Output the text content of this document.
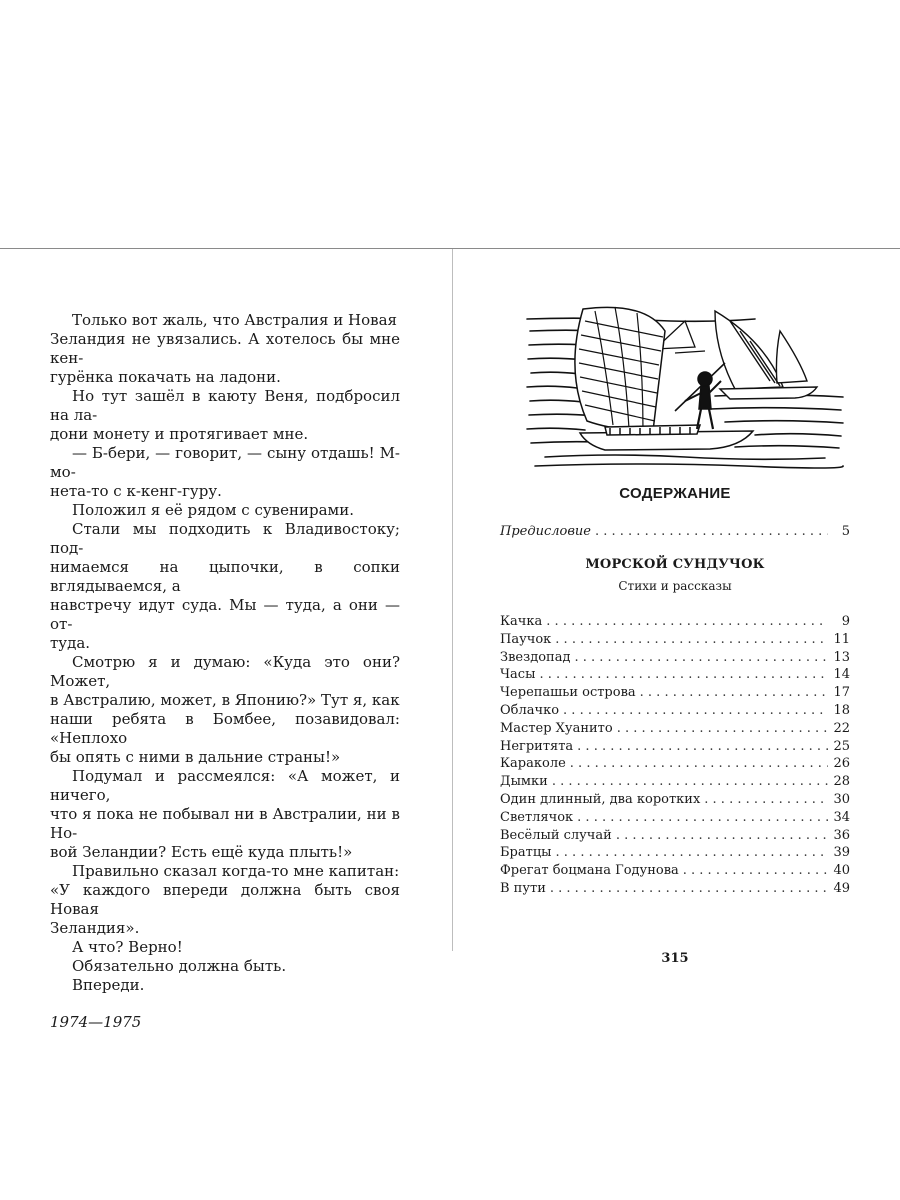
Только вот жаль, что Австралия и Новая
Зеландия не увязались. А хотелось бы мне кен-
гурёнка покачать на ладони.

Но тут зашёл в каюту Веня, подбросил на ла-
дони монету и протягивает мне.

— Б-бери, — говорит, — сыну отдашь! М-мо-
нета-то с к-кенг-гуру.

Положил я её рядом с сувенирами.

Стали мы подходить к Владивостоку; под-
нимаемся на цыпочки, в сопки вглядываемся, а
навстречу идут суда. Мы — туда, а они — от-
туда.

Смотрю я и думаю: «Куда это они? Может,
в Австралию, может, в Японию?» Тут я, как
наши ребята в Бомбее, позавидовал: «Неплохо
бы опять с ними в дальние страны!»

Подумал и рассмеялся: «А может, и ничего,
что я пока не побывал ни в Австралии, ни в Но-
вой Зеландии? Есть ещё куда плыть!»

Правильно сказал когда-то мне капитан:
«У каждого впереди должна быть своя Новая
Зеландия».

А что? Верно!

Обязательно должна быть.

Впереди.

1974—1975
СОДЕРЖАНИЕ
Предисловие . . .	5
МОРСКОЙ СУНДУЧОК
Стихи и рассказы
Качка . . .	9
Паучок . . .	11
Звездопад . . .	13
Часы . . .	14
Черепашьи острова . . .	17
Облачко . . .	18
Мастер Хуанито . . .	22
Негритята . . .	25
Караколе . . .	26
Дымки . . .	28
Один длинный, два коротких . . .	30
Светлячок . . .	34
Весёлый случай . . .	36
Братцы . . .	39
Фрегат боцмана Годунова . . .	40
В пути . . .	49
315
